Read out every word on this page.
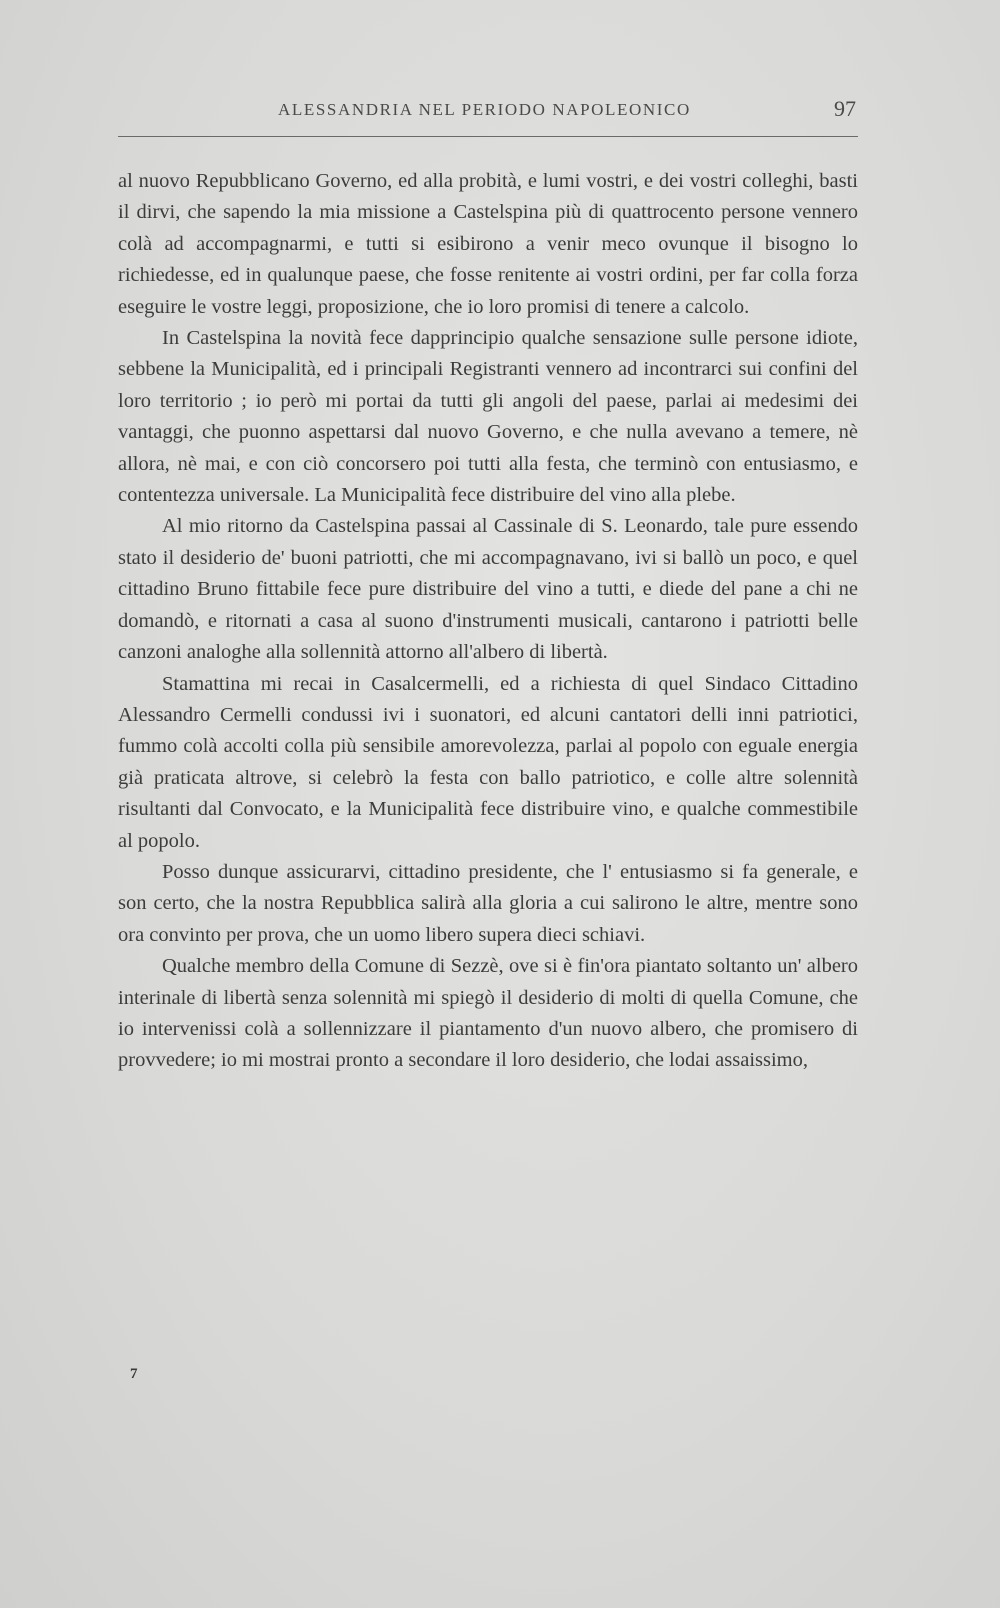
ALESSANDRIA NEL PERIODO NAPOLEONICO	97

al nuovo Repubblicano Governo, ed alla probità, e lumi vostri, e dei vostri colleghi, basti il dirvi, che sapendo la mia missione a Castelspina più di quattrocento persone vennero colà ad accompagnarmi, e tutti si esibirono a venir meco ovunque il bisogno lo richiedesse, ed in qualunque paese, che fosse renitente ai vostri ordini, per far colla forza eseguire le vostre leggi, proposizione, che io loro promisi di tenere a calcolo.

In Castelspina la novità fece dapprincipio qualche sensazione sulle persone idiote, sebbene la Municipalità, ed i principali Registranti vennero ad incontrarci sui confini del loro territorio ; io però mi portai da tutti gli angoli del paese, parlai ai medesimi dei vantaggi, che puonno aspettarsi dal nuovo Governo, e che nulla avevano a temere, nè allora, nè mai, e con ciò concorsero poi tutti alla festa, che terminò con entusiasmo, e contentezza universale. La Municipalità fece distribuire del vino alla plebe.

Al mio ritorno da Castelspina passai al Cassinale di S. Leonardo, tale pure essendo stato il desiderio de' buoni patriotti, che mi accompagnavano, ivi si ballò un poco, e quel cittadino Bruno fittabile fece pure distribuire del vino a tutti, e diede del pane a chi ne domandò, e ritornati a casa al suono d'instrumenti musicali, cantarono i patriotti belle canzoni analoghe alla sollennità attorno all'albero di libertà.

Stamattina mi recai in Casalcermelli, ed a richiesta di quel Sindaco Cittadino Alessandro Cermelli condussi ivi i suonatori, ed alcuni cantatori delli inni patriotici, fummo colà accolti colla più sensibile amorevolezza, parlai al popolo con eguale energia già praticata altrove, si celebrò la festa con ballo patriotico, e colle altre solennità risultanti dal Convocato, e la Municipalità fece distribuire vino, e qualche commestibile al popolo.

Posso dunque assicurarvi, cittadino presidente, che l' entusiasmo si fa generale, e son certo, che la nostra Repubblica salirà alla gloria a cui salirono le altre, mentre sono ora convinto per prova, che un uomo libero supera dieci schiavi.

Qualche membro della Comune di Sezzè, ove si è fin'ora piantato soltanto un' albero interinale di libertà senza solennità mi spiegò il desiderio di molti di quella Comune, che io intervenissi colà a sollennizzare il piantamento d'un nuovo albero, che promisero di provvedere; io mi mostrai pronto a secondare il loro desiderio, che lodai assaissimo,

7
